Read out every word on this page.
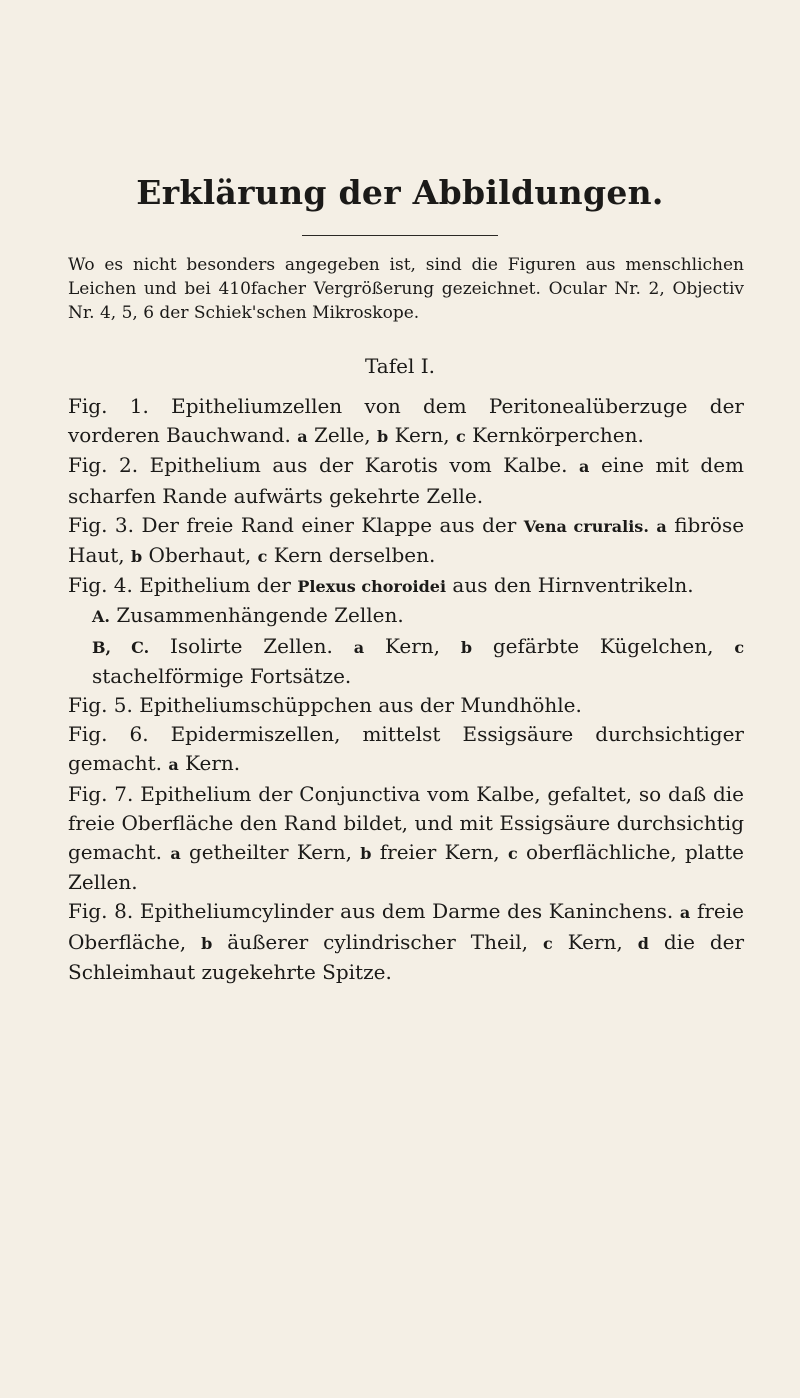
Erklärung der Abbildungen.
Wo es nicht besonders angegeben ist, sind die Figuren aus menschlichen Leichen und bei 410facher Vergrößerung gezeichnet. Ocular Nr. 2, Objectiv Nr. 4, 5, 6 der Schiek'schen Mikroskope.
Tafel I.

Fig. 1. Epitheliumzellen von dem Peritonealüberzuge der vorderen Bauchwand. a Zelle, b Kern, c Kernkörperchen.

Fig. 2. Epithelium aus der Karotis vom Kalbe. a eine mit dem scharfen Rande aufwärts gekehrte Zelle.

Fig. 3. Der freie Rand einer Klappe aus der Vena cruralis. a fibröse Haut, b Oberhaut, c Kern derselben.

Fig. 4. Epithelium der Plexus choroidei aus den Hirnventrikeln.

A. Zusammenhängende Zellen.

B, C. Isolirte Zellen. a Kern, b gefärbte Kügelchen, c stachelförmige Fortsätze.

Fig. 5. Epitheliumschüppchen aus der Mundhöhle.

Fig. 6. Epidermiszellen, mittelst Essigsäure durchsichtiger gemacht. a Kern.

Fig. 7. Epithelium der Conjunctiva vom Kalbe, gefaltet, so daß die freie Oberfläche den Rand bildet, und mit Essigsäure durchsichtig gemacht. a getheilter Kern, b freier Kern, c oberflächliche, platte Zellen.

Fig. 8. Epitheliumcylinder aus dem Darme des Kaninchens. a freie Oberfläche, b äußerer cylindrischer Theil, c Kern, d die der Schleimhaut zugekehrte Spitze.
